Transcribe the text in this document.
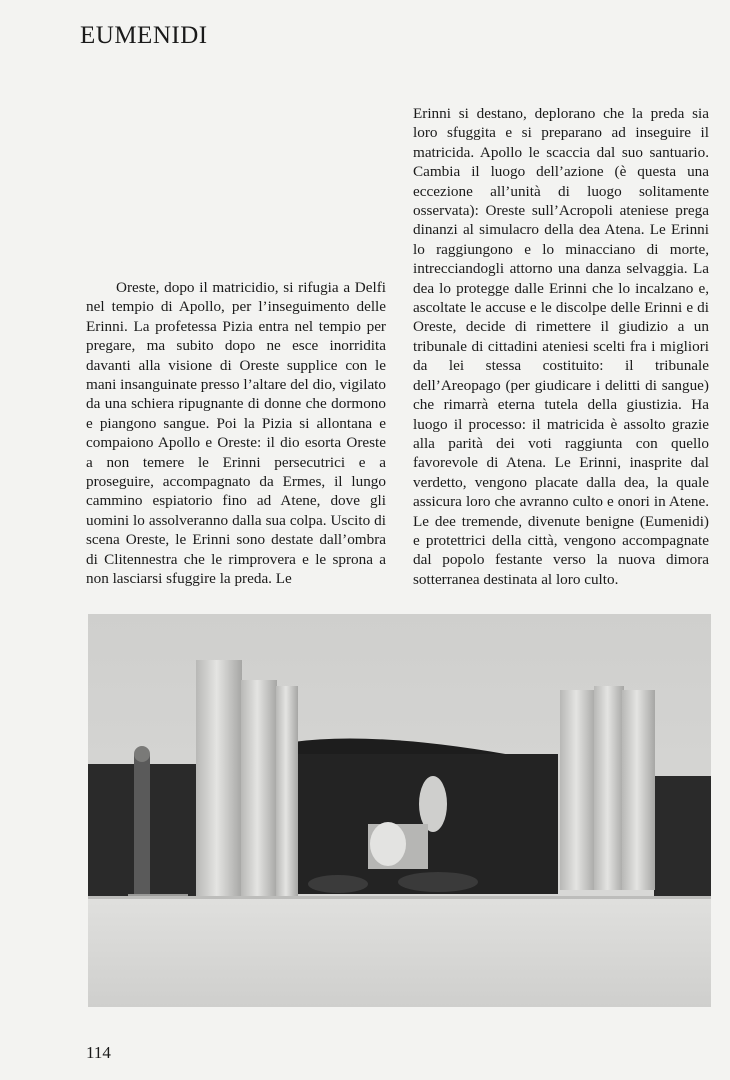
EUMENIDI

Erinni si destano, deplorano che la preda sia loro sfuggita e si preparano ad inseguire il matricida. Apollo le scaccia dal suo santuario. Cambia il luogo dell’azione (è questa una eccezione all’unità di luogo solitamente osservata): Oreste sull’Acropoli ateniese prega dinanzi al simulacro della dea Atena. Le Erinni lo raggiungono e lo minacciano di morte, intrecciandogli attorno una danza selvaggia. La dea lo protegge dalle Erinni che lo incalzano e, ascoltate le accuse e le discolpe delle Erinni e di Oreste, decide di rimettere il giudizio a un tribunale di cittadini ateniesi scelti fra i migliori da lei stessa costituito: il tribunale dell’Areopago (per giudicare i delitti di sangue) che rimarrà eterna tutela della giustizia. Ha luogo il processo: il matricida è assolto grazie alla parità dei voti raggiunta con quello favorevole di Atena. Le Erinni, inasprite dal verdetto, vengono placate dalla dea, la quale assicura loro che avranno culto e onori in Atene. Le dee tremende, divenute benigne (Eumenidi) e protettrici della città, vengono accompagnate dal popolo festante verso la nuova dimora sotterranea destinata al loro culto.

Oreste, dopo il matricidio, si rifugia a Delfi nel tempio di Apollo, per l’inseguimento delle Erinni. La profetessa Pizia entra nel tempio per pregare, ma subito dopo ne esce inorridita davanti alla visione di Oreste supplice con le mani insanguinate presso l’altare del dio, vigilato da una schiera ripugnante di donne che dormono e piangono sangue. Poi la Pizia si allontana e compaiono Apollo e Oreste: il dio esorta Oreste a non temere le Erinni persecutrici e a proseguire, accompagnato da Ermes, il lungo cammino espiatorio fino ad Atene, dove gli uomini lo assolveranno dalla sua colpa. Uscito di scena Oreste, le Erinni sono destate dall’ombra di Clitennestra che le rimprovera e le sprona a non lasciarsi sfuggire la preda. Le

114
